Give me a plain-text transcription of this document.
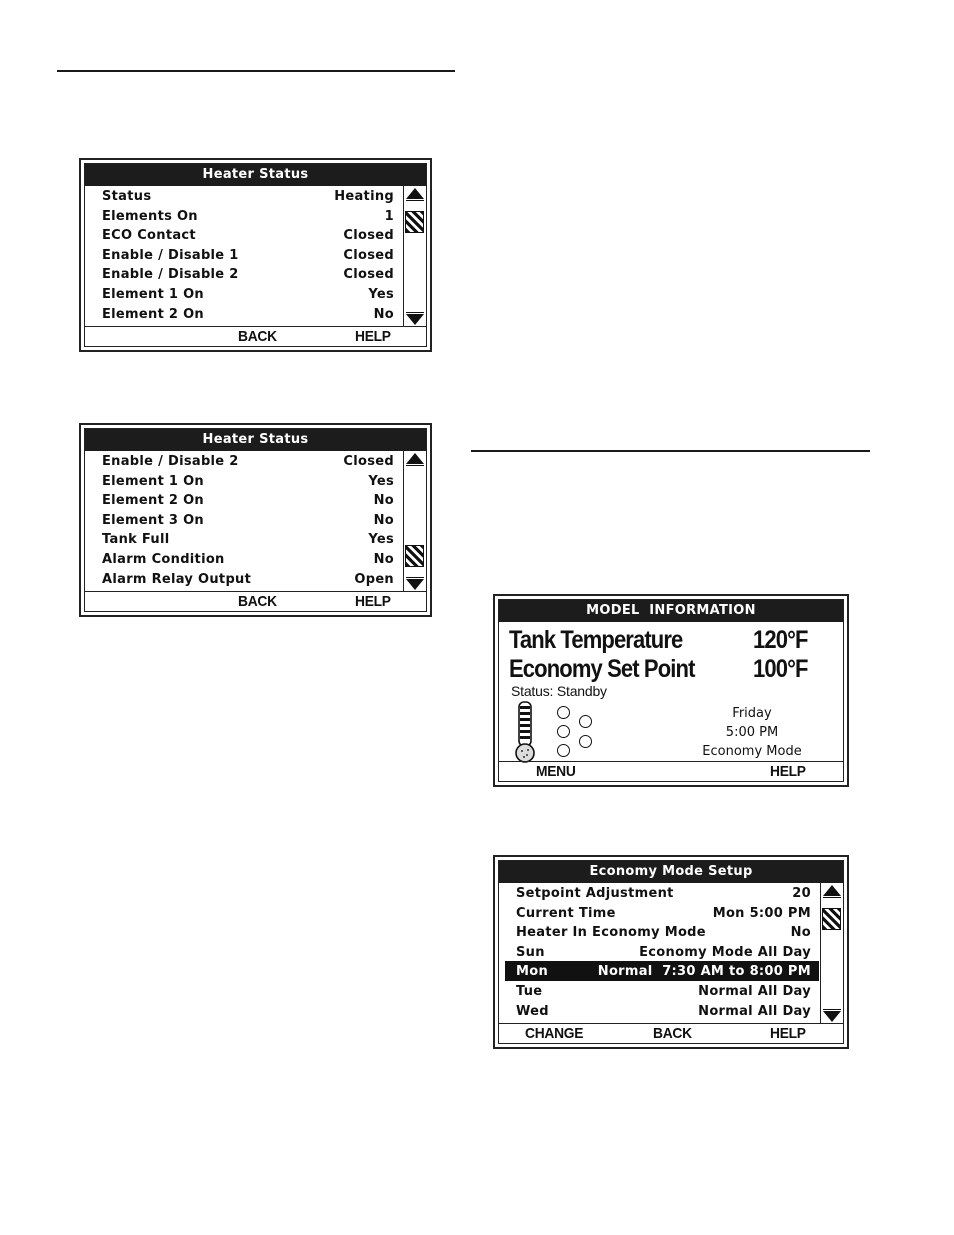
Heater Status
Status	Heating
Elements On	1
ECO Contact	Closed
Enable / Disable 1	Closed
Enable / Disable 2	Closed
Element 1 On	Yes
Element 2 On	No
BACK	HELP
Heater Status
Enable / Disable 2	Closed
Element 1 On	Yes
Element 2 On	No
Element 3 On	No
Tank Full	Yes
Alarm Condition	No
Alarm Relay Output	Open
BACK	HELP
MODEL  INFORMATION
Tank Temperature	120°F
Economy Set Point 100°F
Status: Standby
Friday
5:00 PM
Economy Mode
MENU	HELP
Economy Mode Setup
Setpoint Adjustment	20
Current Time	Mon 5:00 PM
Heater In Economy Mode	No
Sun	Economy Mode All Day
Mon	Normal  7:30 AM to 8:00 PM
Tue	Normal All Day
Wed	Normal All Day
CHANGE	BACK	HELP
